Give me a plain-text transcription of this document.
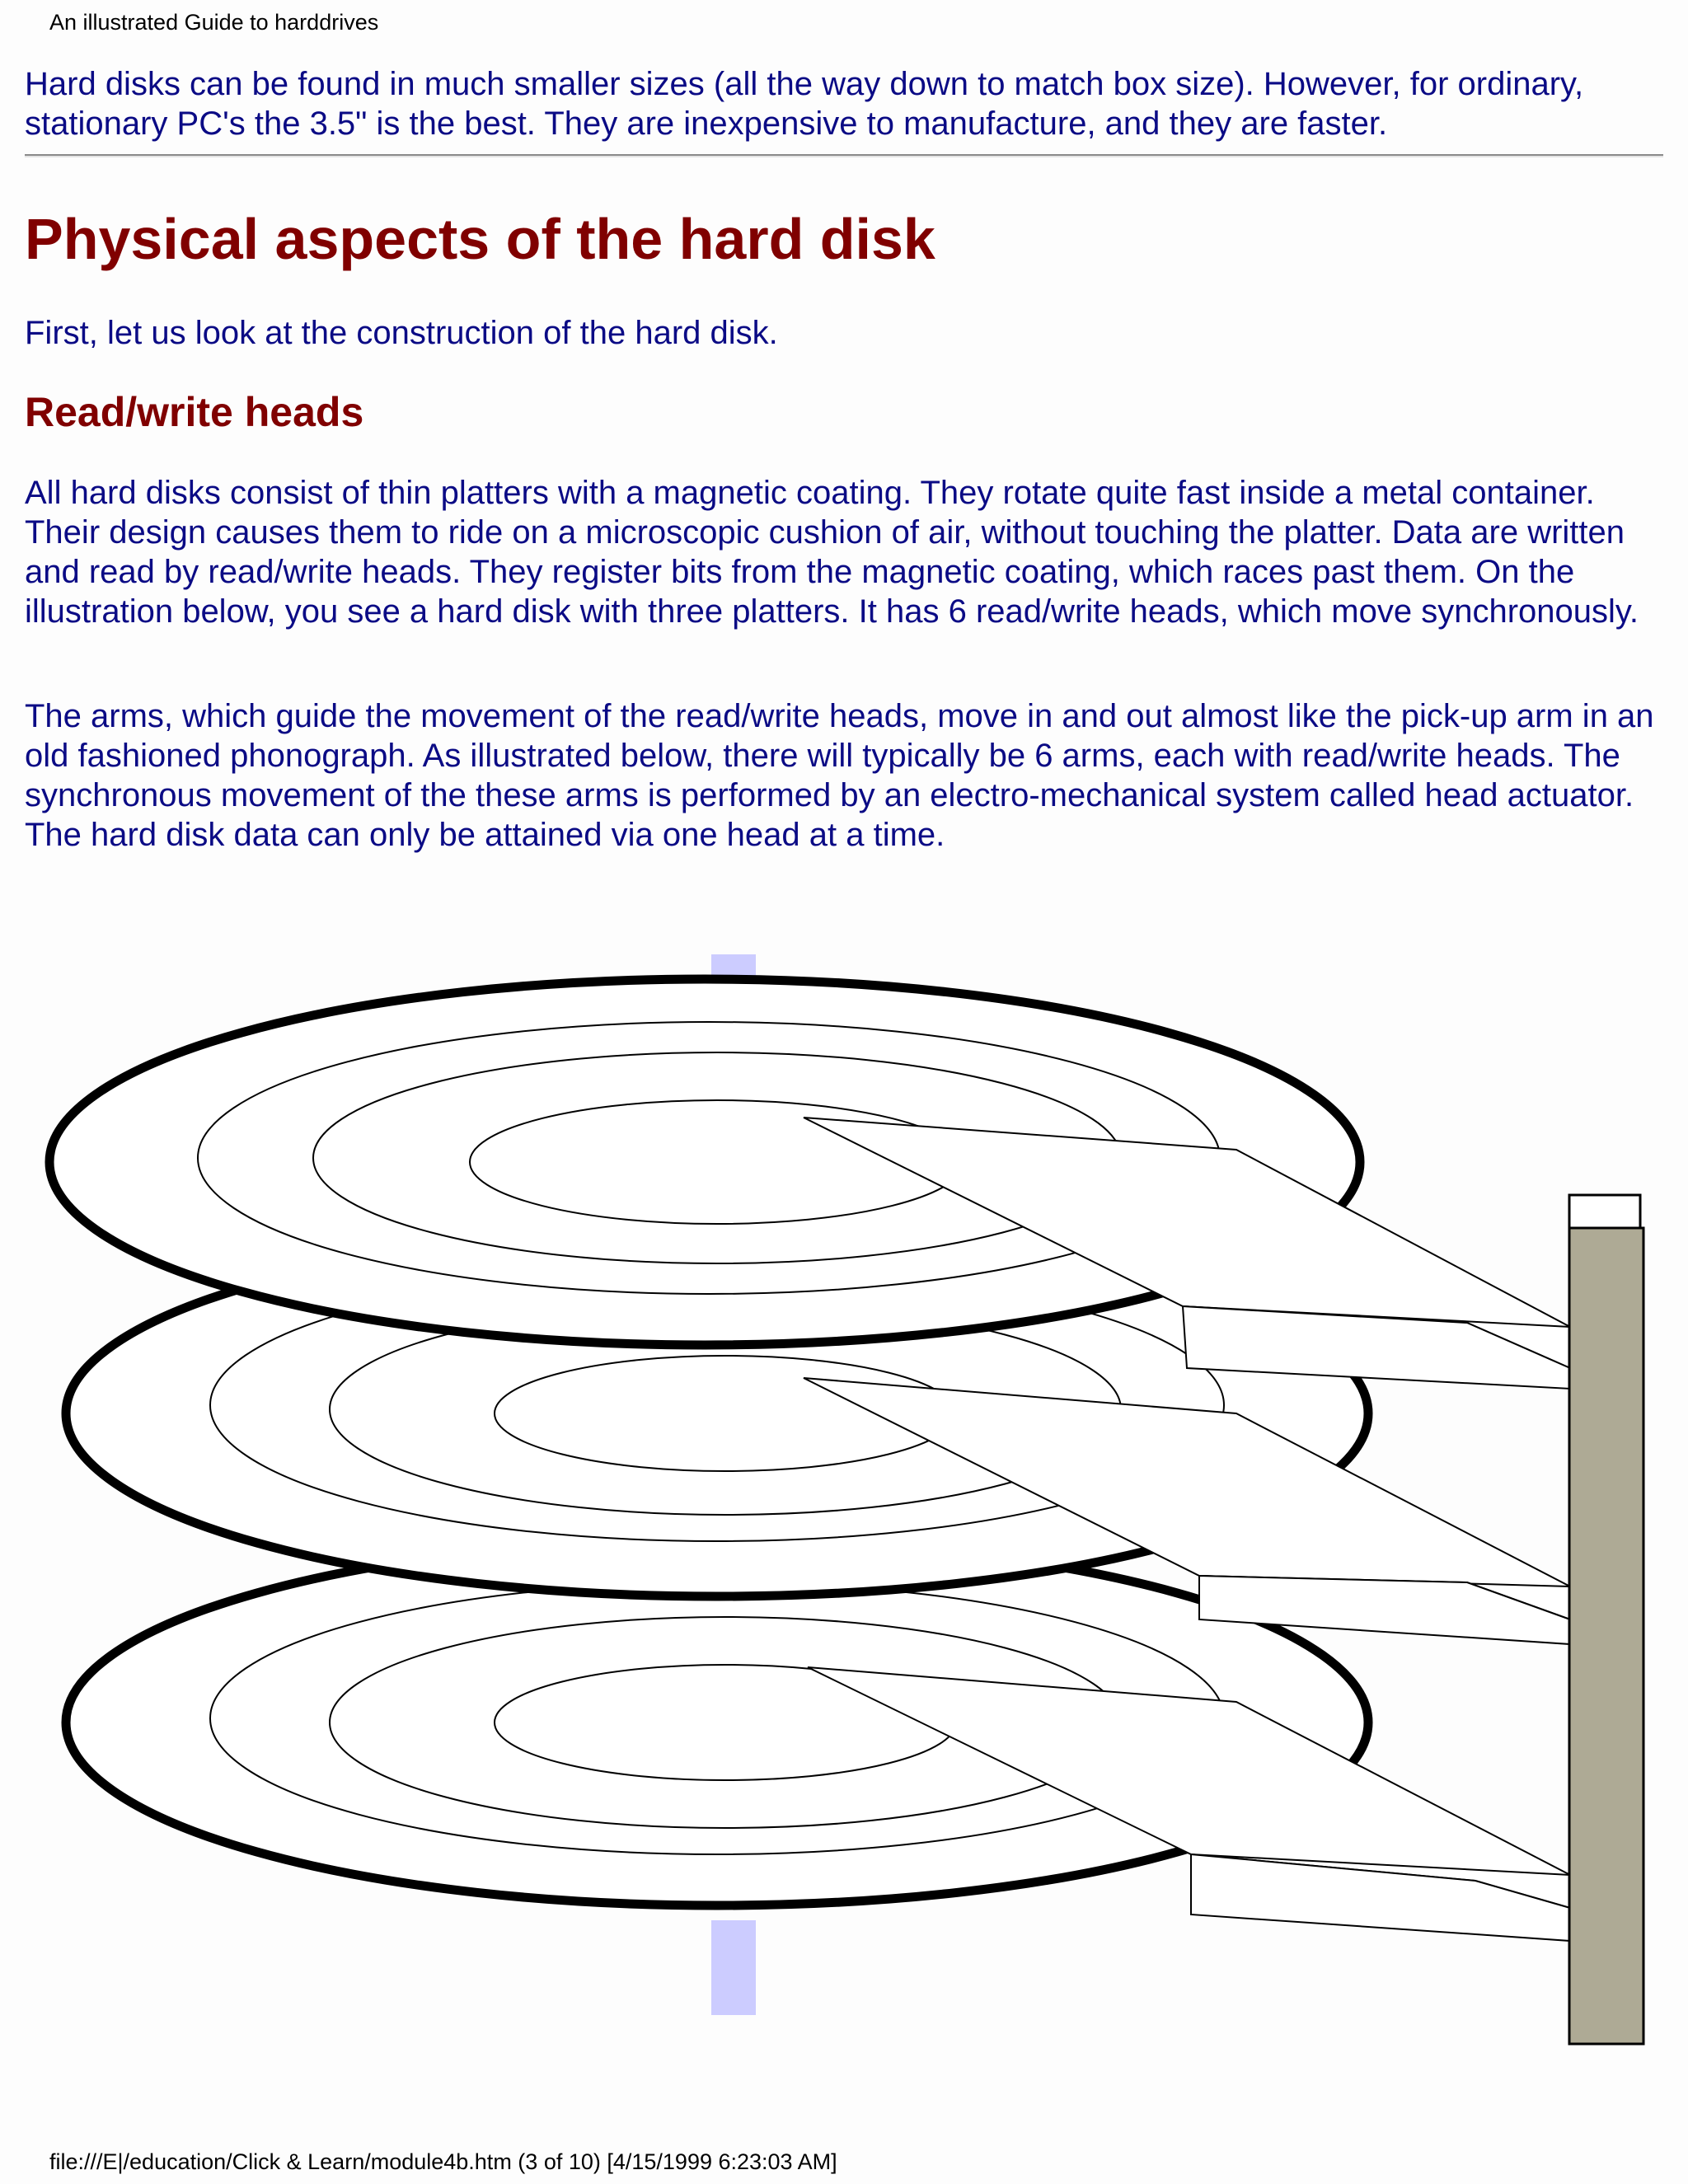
An illustrated Guide to harddrives

Hard disks can be found in much smaller sizes (all the way down to match box size). However, for ordinary, stationary PC's the 3.5" is the best. They are inexpensive to manufacture, and they are faster.

Physical aspects of the hard disk

First, let us look at the construction of the hard disk.

Read/write heads

All hard disks consist of thin platters with a magnetic coating. They rotate quite fast inside a metal container. Their design causes them to ride on a microscopic cushion of air, without touching the platter. Data are written and read by read/write heads. They register bits from the magnetic coating, which races past them. On the illustration below, you see a hard disk with three platters. It has 6 read/write heads, which move synchronously.

The arms, which guide the movement of the read/write heads, move in and out almost like the pick-up arm in an old fashioned phonograph. As illustrated below, there will typically be 6 arms, each with read/write heads. The synchronous movement of the these arms is performed by an electro-mechanical system called head actuator. The hard disk data can only be attained via one head at a time.

file:///E|/education/Click & Learn/module4b.htm (3 of 10) [4/15/1999 6:23:03 AM]
